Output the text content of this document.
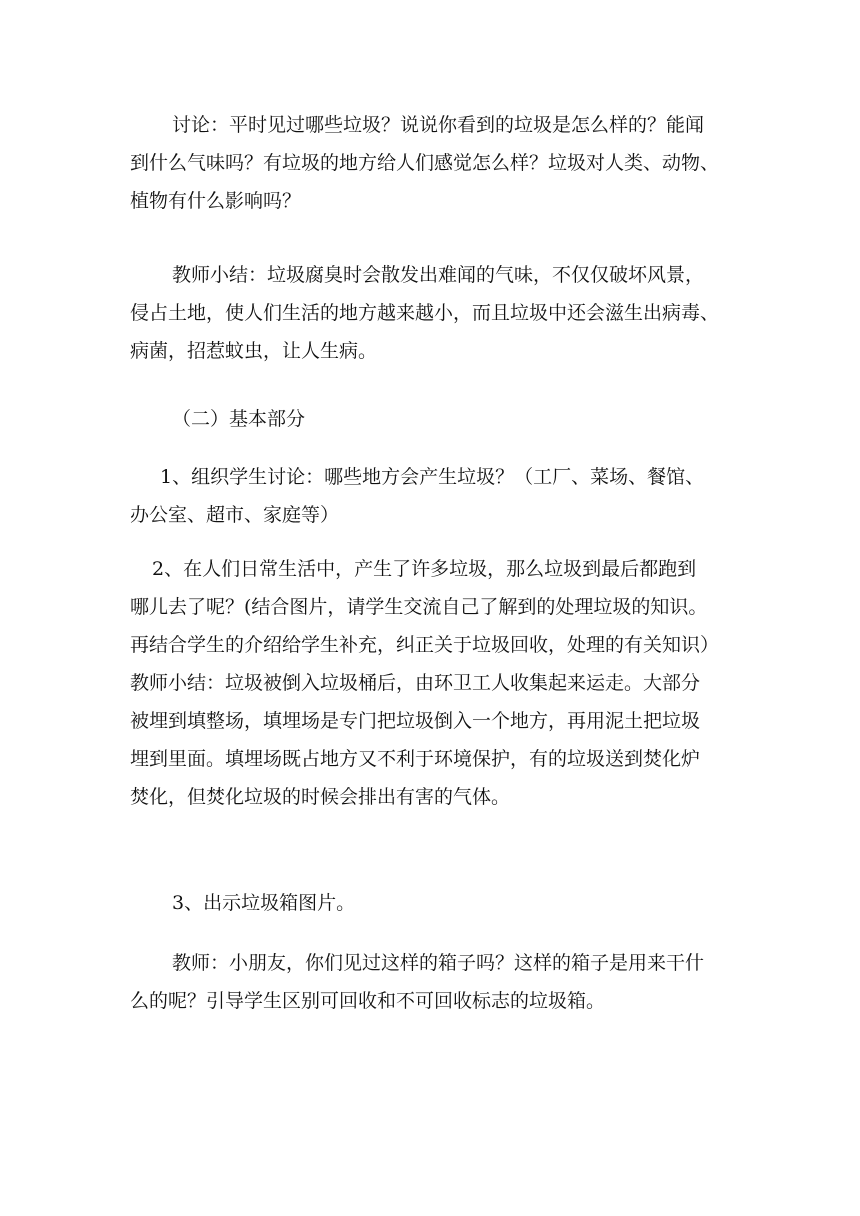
讨论：平时见过哪些垃圾？说说你看到的垃圾是怎么样的？能闻
到什么气味吗？有垃圾的地方给人们感觉怎么样？垃圾对人类、动物、
植物有什么影响吗？
教师小结：垃圾腐臭时会散发出难闻的气味，不仅仅破坏风景，
侵占土地，使人们生活的地方越来越小，而且垃圾中还会滋生出病毒、
病菌，招惹蚊虫，让人生病。
（二）基本部分
1、组织学生讨论：哪些地方会产生垃圾？（工厂、菜场、餐馆、
办公室、超市、家庭等）
2、在人们日常生活中，产生了许多垃圾，那么垃圾到最后都跑到
哪儿去了呢？(结合图片，请学生交流自己了解到的处理垃圾的知识。
再结合学生的介绍给学生补充，纠正关于垃圾回收，处理的有关知识）
教师小结：垃圾被倒入垃圾桶后，由环卫工人收集起来运走。大部分
被埋到填整场，填埋场是专门把垃圾倒入一个地方，再用泥土把垃圾
埋到里面。填埋场既占地方又不利于环境保护，有的垃圾送到焚化炉
焚化，但焚化垃圾的时候会排出有害的气体。
3、出示垃圾箱图片。
教师：小朋友，你们见过这样的箱子吗？这样的箱子是用来干什
么的呢？引导学生区别可回收和不可回收标志的垃圾箱。
